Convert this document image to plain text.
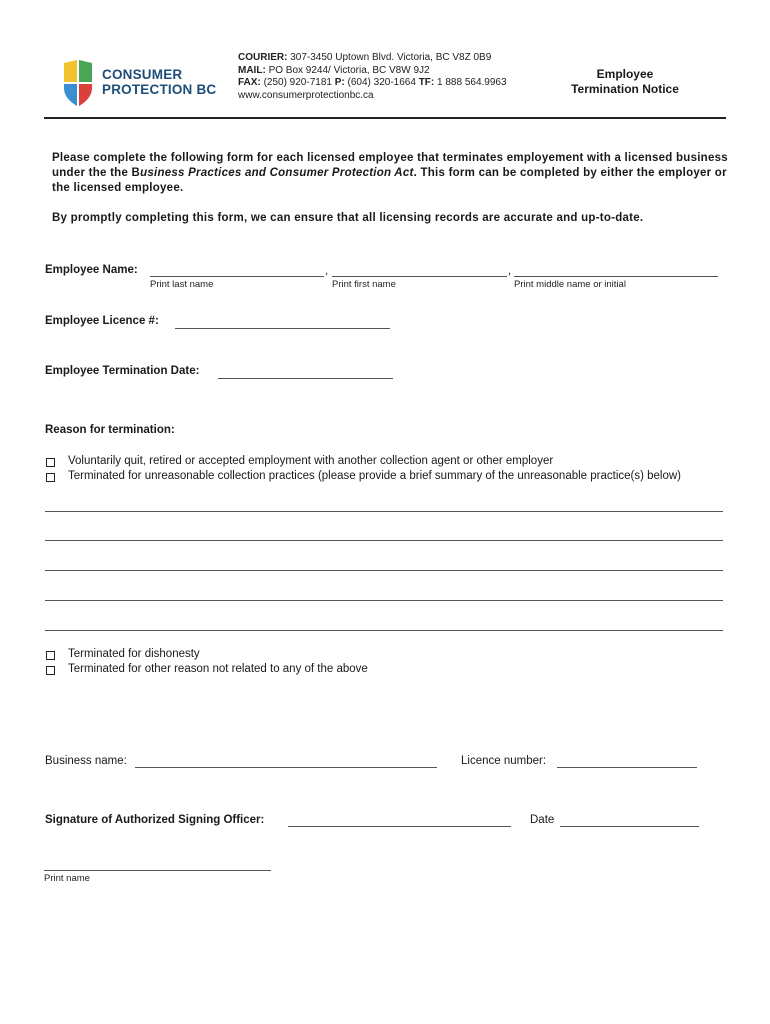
CONSUMER
PROTECTION BC
COURIER: 307-3450 Uptown Blvd. Victoria, BC V8Z 0B9
MAIL: PO Box 9244/ Victoria, BC V8W 9J2
FAX: (250) 920-7181 P: (604) 320-1664 TF: 1 888 564.9963
www.consumerprotectionbc.ca
Employee
Termination Notice
Please complete the following form for each licensed employee that terminates employement with a licensed business under the the Business Practices and Consumer Protection Act. This form can be completed by either the employer or the licensed employee.
By promptly completing this form, we can ensure that all licensing records are accurate and up-to-date.
Employee Name:	,	,
Print last name	Print first name	Print middle name or initial
Employee Licence #:
Employee Termination Date:
Reason for termination:
Voluntarily quit, retired or accepted employment with another collection agent or other employer
Terminated for unreasonable collection practices (please provide a brief summary of the unreasonable practice(s) below)
Terminated for dishonesty
Terminated for other reason not related to any of the above
Business name:	Licence number:
Signature of Authorized Signing Officer:	Date
Print name
